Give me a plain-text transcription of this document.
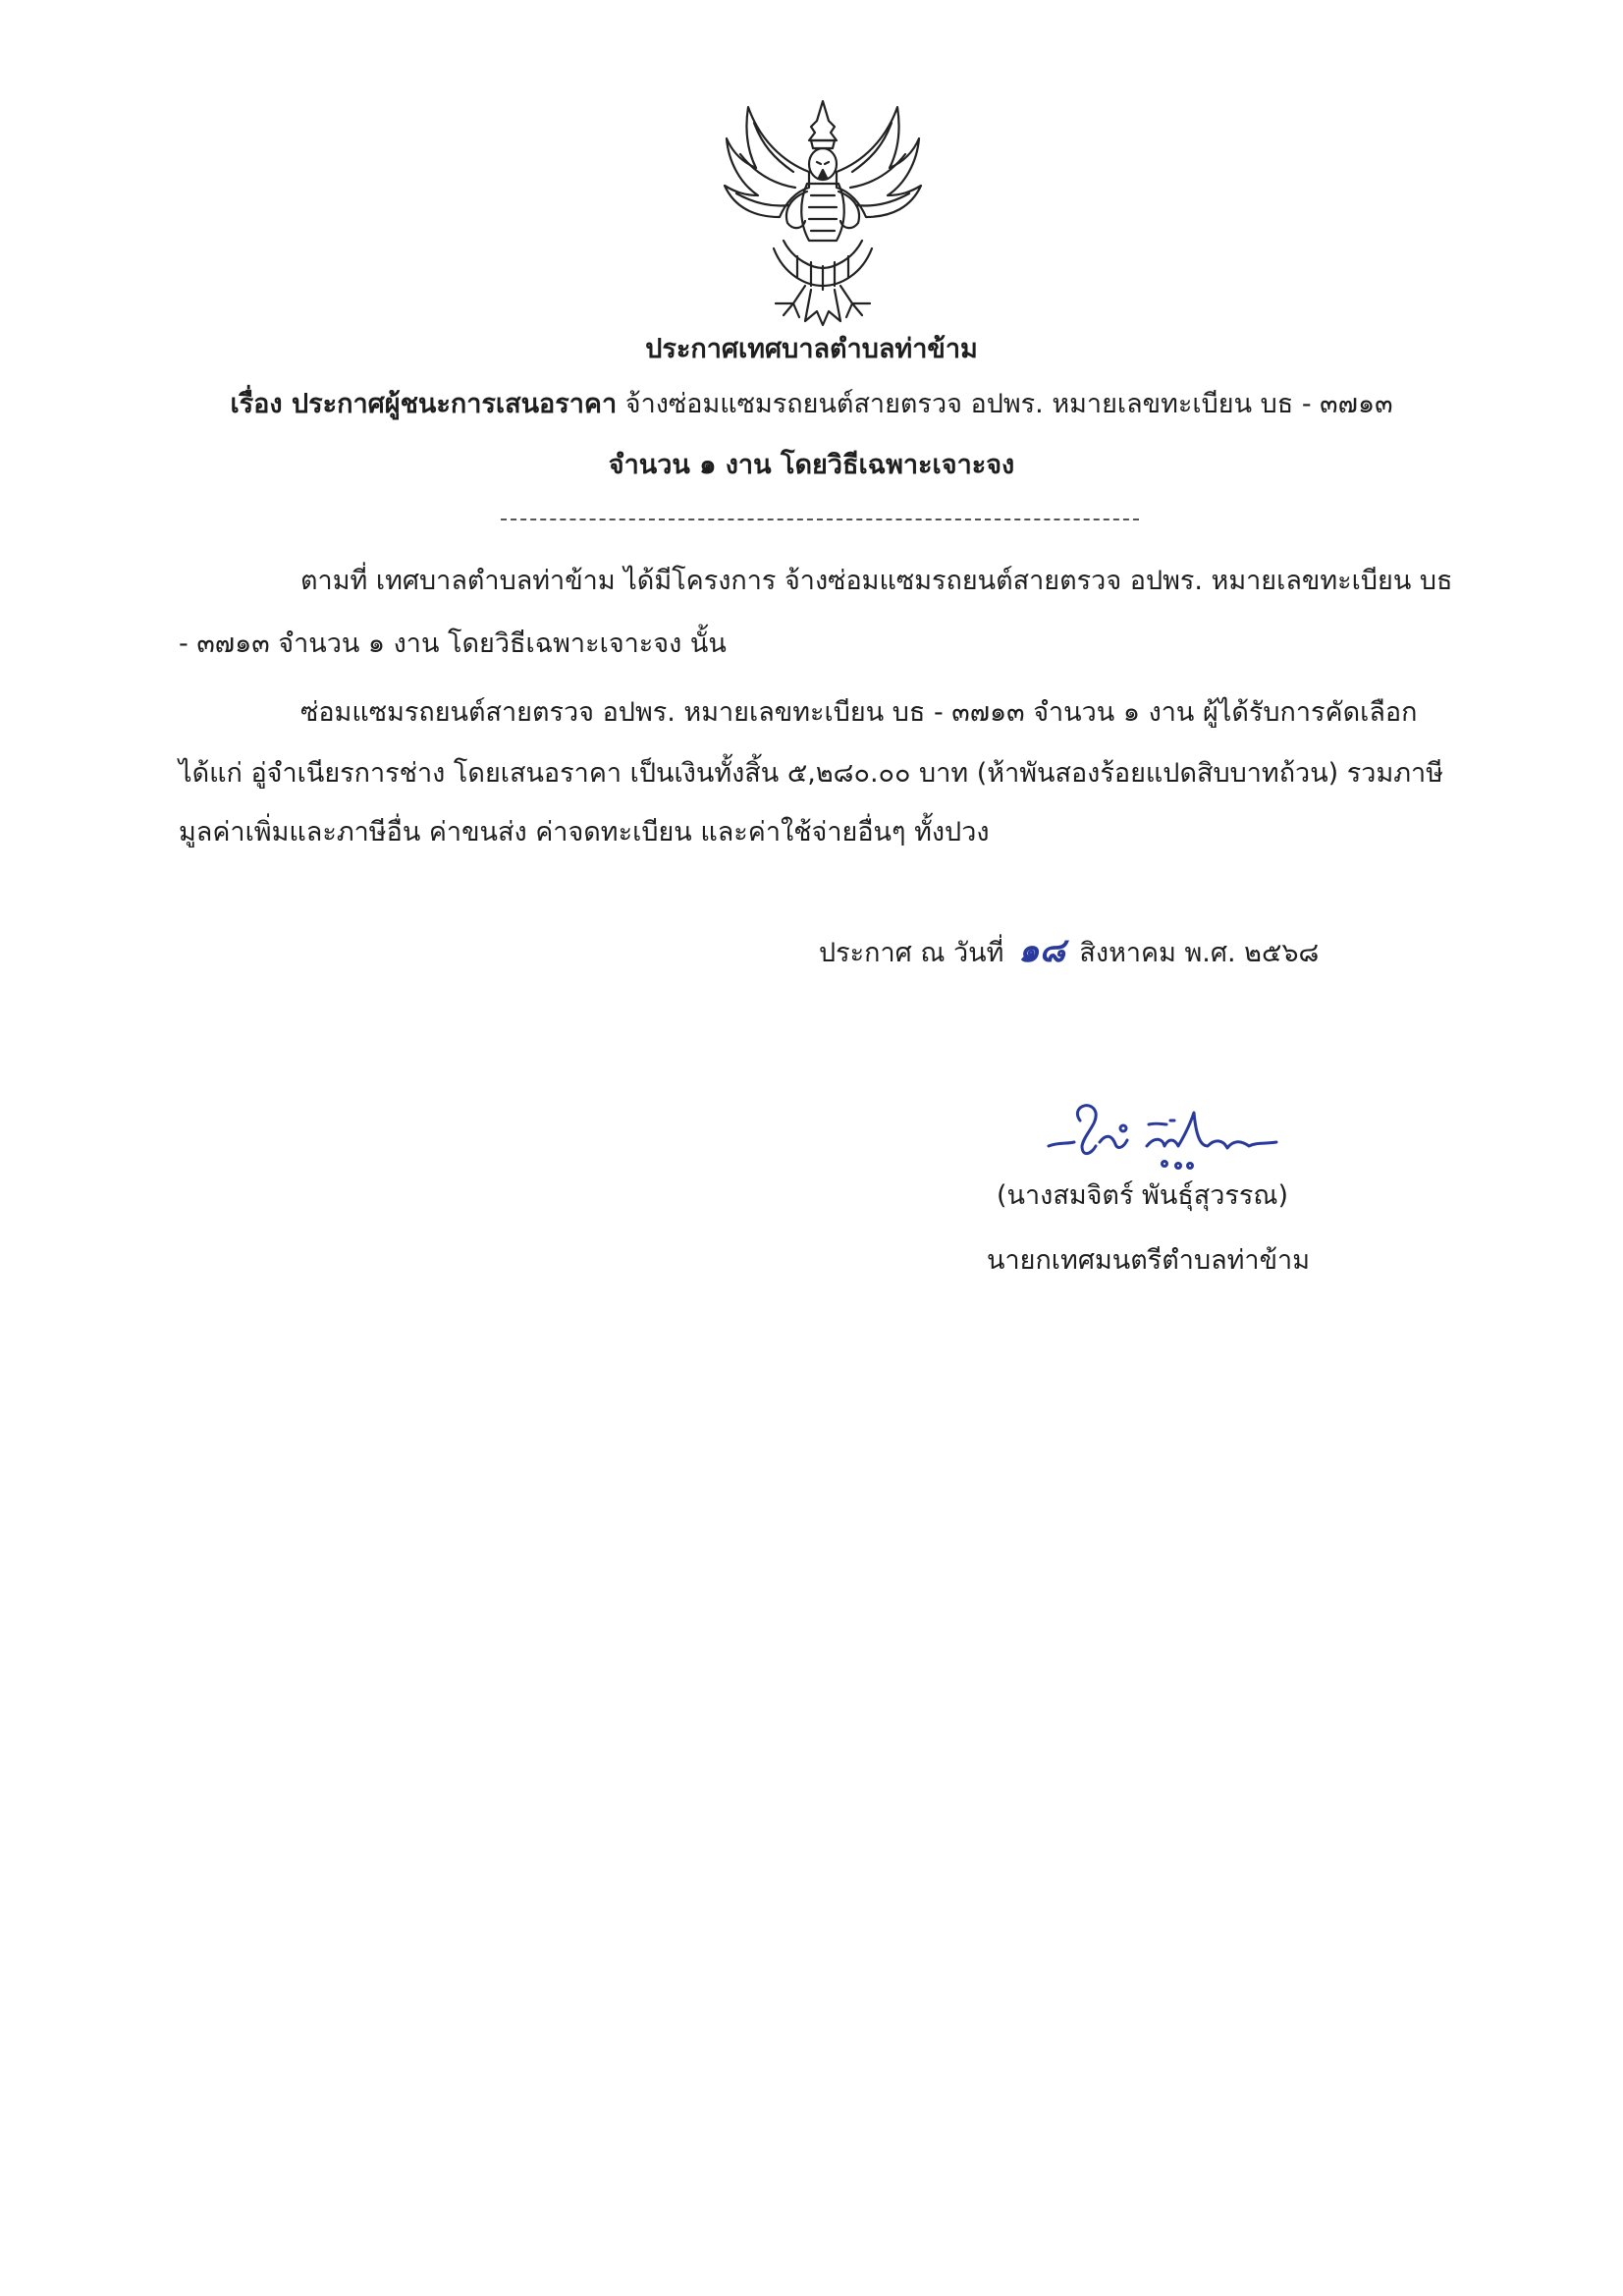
ประกาศเทศบาลตำบลท่าข้าม
เรื่อง ประกาศผู้ชนะการเสนอราคา จ้างซ่อมแซมรถยนต์สายตรวจ อปพร. หมายเลขทะเบียน บธ - ๓๗๑๓
จำนวน ๑ งาน โดยวิธีเฉพาะเจาะจง
ตามที่ เทศบาลตำบลท่าข้าม ได้มีโครงการ จ้างซ่อมแซมรถยนต์สายตรวจ อปพร. หมายเลขทะเบียน บธ
- ๓๗๑๓ จำนวน ๑ งาน โดยวิธีเฉพาะเจาะจง นั้น
ซ่อมแซมรถยนต์สายตรวจ อปพร. หมายเลขทะเบียน บธ - ๓๗๑๓ จำนวน ๑ งาน ผู้ได้รับการคัดเลือก
ได้แก่ อู่จำเนียรการช่าง โดยเสนอราคา เป็นเงินทั้งสิ้น ๕,๒๘๐.๐๐ บาท (ห้าพันสองร้อยแปดสิบบาทถ้วน) รวมภาษี
มูลค่าเพิ่มและภาษีอื่น ค่าขนส่ง ค่าจดทะเบียน และค่าใช้จ่ายอื่นๆ ทั้งปวง
ประกาศ ณ วันที่ ๑๘ สิงหาคม พ.ศ. ๒๕๖๘
(นางสมจิตร์ พันธุ์สุวรรณ)
นายกเทศมนตรีตำบลท่าข้าม
